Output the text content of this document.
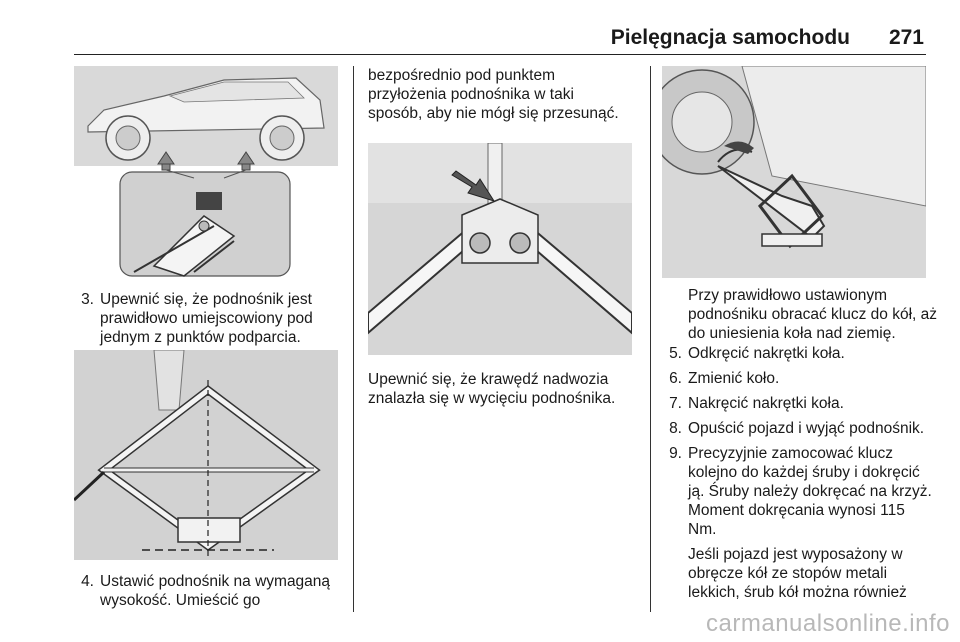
Pielęgnacja samochodu	271
3. Upewnić się, że podnośnik jest prawidłowo umiejscowiony pod jednym z punktów podparcia.
4. Ustawić podnośnik na wymaganą wysokość. Umieścić go

bezpośrednio pod punktem przyłożenia podnośnika w taki sposób, aby nie mógł się przesunąć.

Upewnić się, że krawędź nadwozia znalazła się w wycięciu podnośnika.

Przy prawidłowo ustawionym podnośniku obracać klucz do kół, aż do uniesienia koła nad ziemię.

5. Odkręcić nakrętki koła.
6. Zmienić koło.
7. Nakręcić nakrętki koła.
8. Opuścić pojazd i wyjąć podnośnik.
9. Precyzyjnie zamocować klucz kolejno do każdej śruby i dokręcić ją. Śruby należy dokręcać na krzyż. Moment dokręcania wynosi 115 Nm.

Jeśli pojazd jest wyposażony w obręcze kół ze stopów metali lekkich, śrub kół można również

carmanualsonline.info
